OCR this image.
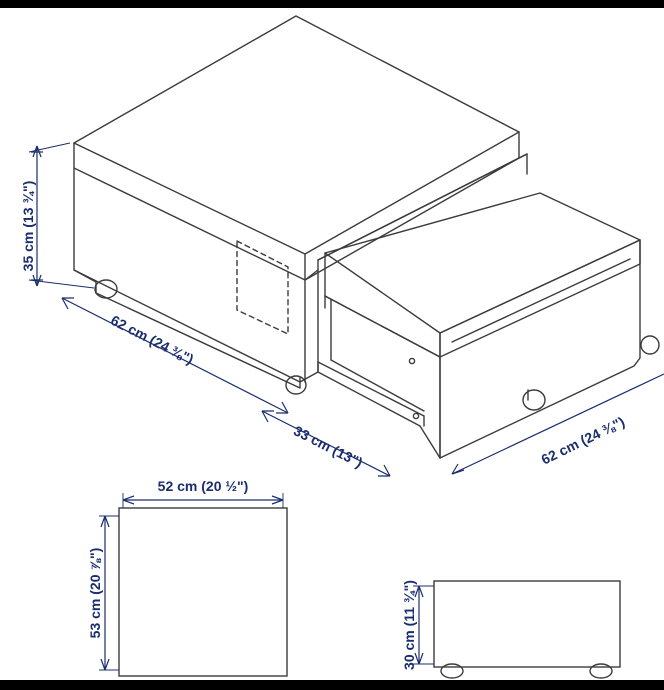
35 cm (13 ¾")
62 cm (24 ⅜")
33 cm (13")	62 cm (24 ⅜")
52 cm (20 ½")
53 cm (20 ⅞")	30 cm (11 ¾")
